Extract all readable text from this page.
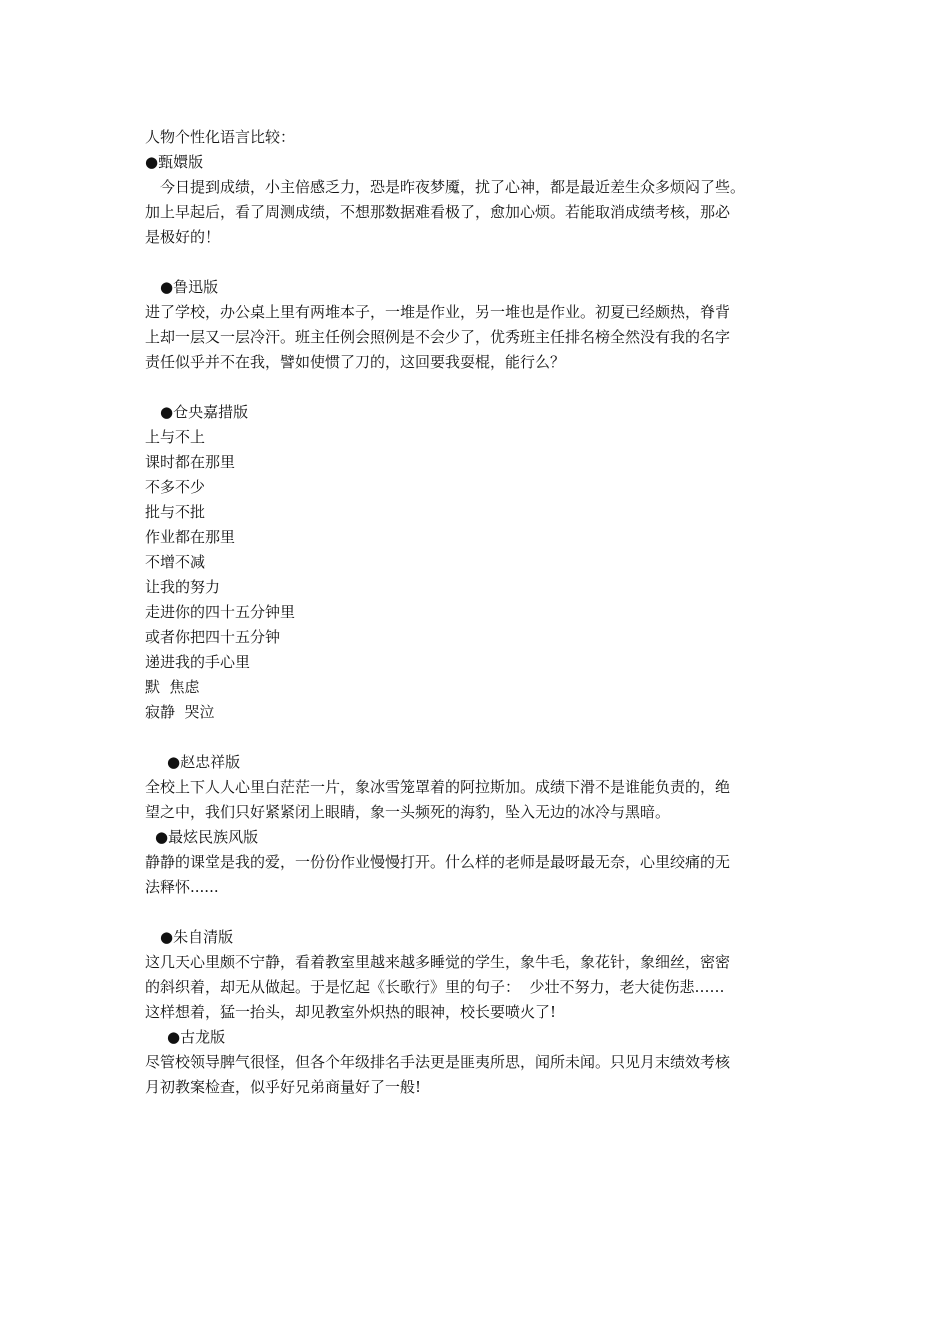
人物个性化语言比较：
●甄嬛版
　今日提到成绩，小主倍感乏力，恐是昨夜梦魇，扰了心神，都是最近差生众多烦闷了些。
加上早起后，看了周测成绩，不想那数据难看极了，愈加心烦。若能取消成绩考核，那必
是极好的！
●鲁迅版
进了学校，办公桌上里有两堆本子，一堆是作业，另一堆也是作业。初夏已经颇热，脊背
上却一层又一层冷汗。班主任例会照例是不会少了，优秀班主任排名榜全然没有我的名字
责任似乎并不在我，譬如使惯了刀的，这回要我耍棍，能行么？
●仓央嘉措版
上与不上
课时都在那里
不多不少
批与不批
作业都在那里
不增不减
让我的努力
走进你的四十五分钟里
或者你把四十五分钟
递进我的手心里
默  焦虑
寂静  哭泣
●赵忠祥版
全校上下人人心里白茫茫一片，象冰雪笼罩着的阿拉斯加。成绩下滑不是谁能负责的，绝
望之中，我们只好紧紧闭上眼睛，象一头频死的海豹，坠入无边的冰冷与黑暗。
●最炫民族风版
静静的课堂是我的爱，一份份作业慢慢打开。什么样的老师是最呀最无奈，心里绞痛的无
法释怀......
●朱自清版
这几天心里颇不宁静，看着教室里越来越多睡觉的学生，象牛毛，象花针，象细丝，密密
的斜织着，却无从做起。于是忆起《长歌行》里的句子：  少壮不努力，老大徒伤悲……
这样想着，猛一抬头，却见教室外炽热的眼神，校长要喷火了!
●古龙版
尽管校领导脾气很怪，但各个年级排名手法更是匪夷所思，闻所未闻。只见月末绩效考核
月初教案检查，似乎好兄弟商量好了一般!
